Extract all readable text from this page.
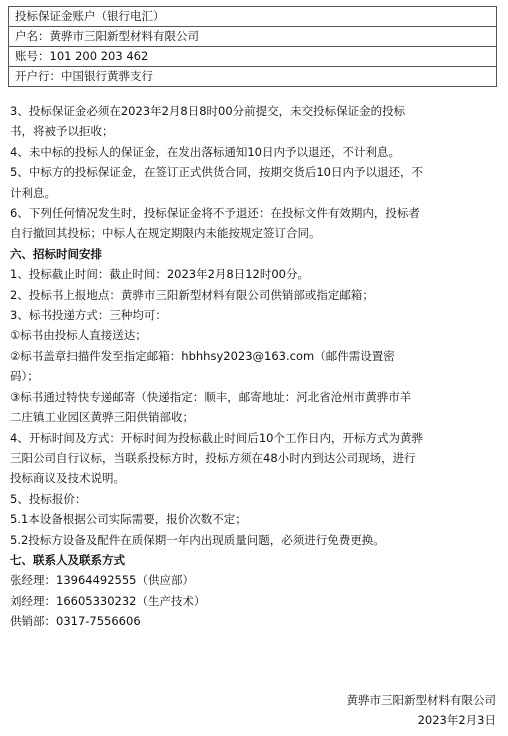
投标保证金账户（银行电汇）
户名：黄骅市三阳新型材料有限公司
账号：101 200 203 462
开户行：中国银行黄骅支行

3、投标保证金必须在2023年2月8日8时00分前提交，未交投标保证金的投标

书，将被予以拒收；

4、未中标的投标人的保证金，在发出落标通知10日内予以退还，不计利息。

5、中标方的投标保证金，在签订正式供货合同，按期交货后10日内予以退还，不

计利息。

6、下列任何情况发生时，投标保证金将不予退还：在投标文件有效期内，投标者

自行撤回其投标；中标人在规定期限内未能按规定签订合同。

六、招标时间安排

1、投标截止时间：截止时间：2023年2月8日12时00分。

2、投标书上报地点：黄骅市三阳新型材料有限公司供销部或指定邮箱；

3、标书投递方式：三种均可：

①标书由投标人直接送达；

②标书盖章扫描件发至指定邮箱：hbhhsy2023@163.com（邮件需设置密

码）；

③标书通过特快专递邮寄（快递指定：顺丰，邮寄地址：河北省沧州市黄骅市羊

二庄镇工业园区黄骅三阳供销部收；

4、开标时间及方式：开标时间为投标截止时间后10个工作日内，开标方式为黄骅

三阳公司自行议标，当联系投标方时，投标方须在48小时内到达公司现场，进行

投标商议及技术说明。

5、投标报价：

5.1本设备根据公司实际需要，报价次数不定；

5.2投标方设备及配件在质保期一年内出现质量问题，必须进行免费更换。

七、联系人及联系方式

张经理：13964492555（供应部）

刘经理：16605330232（生产技术）

供销部：0317-7556606

黄骅市三阳新型材料有限公司

2023年2月3日
